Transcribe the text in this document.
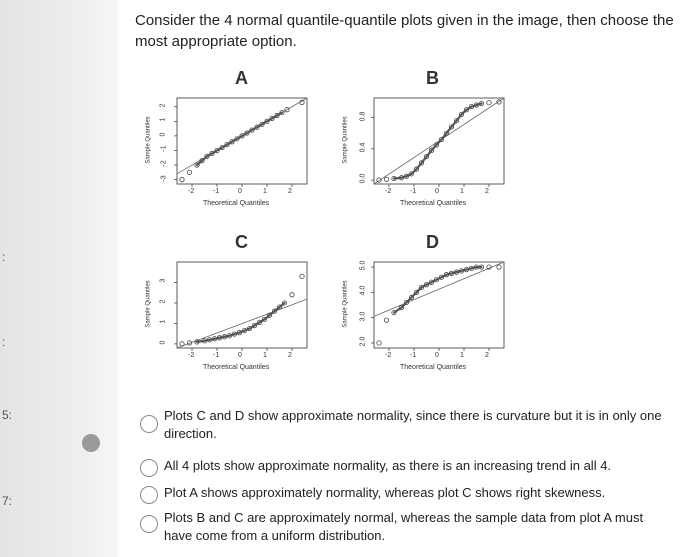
:
:
5:
7:
Consider the 4 normal quantile-quantile plots given in the image, then choose the most appropriate option.
A
-2	-1	0	1	2
-3
-2
-1
0
1
2
Theoretical Quantiles
Sample Quantiles
B
-2	-1	0	1	2
0.0
0.4
0.8
Theoretical Quantiles
Sample Quantiles
C
-2	-1	0	1	2
0
1
2
3
Theoretical Quantiles
Sample Quantiles
D
-2	-1	0	1	2
2.0
3.0
4.0
5.0
Theoretical Quantiles
Sample Quantiles
Plots C and D show approximate normality, since there is curvature but it is in only one direction.
All 4 plots show approximate normality, as there is an increasing trend in all 4.
Plot A shows approximately normality, whereas plot C shows right skewness.
Plots B and C are approximately normal, whereas the sample data from plot A must have come from a uniform distribution.
